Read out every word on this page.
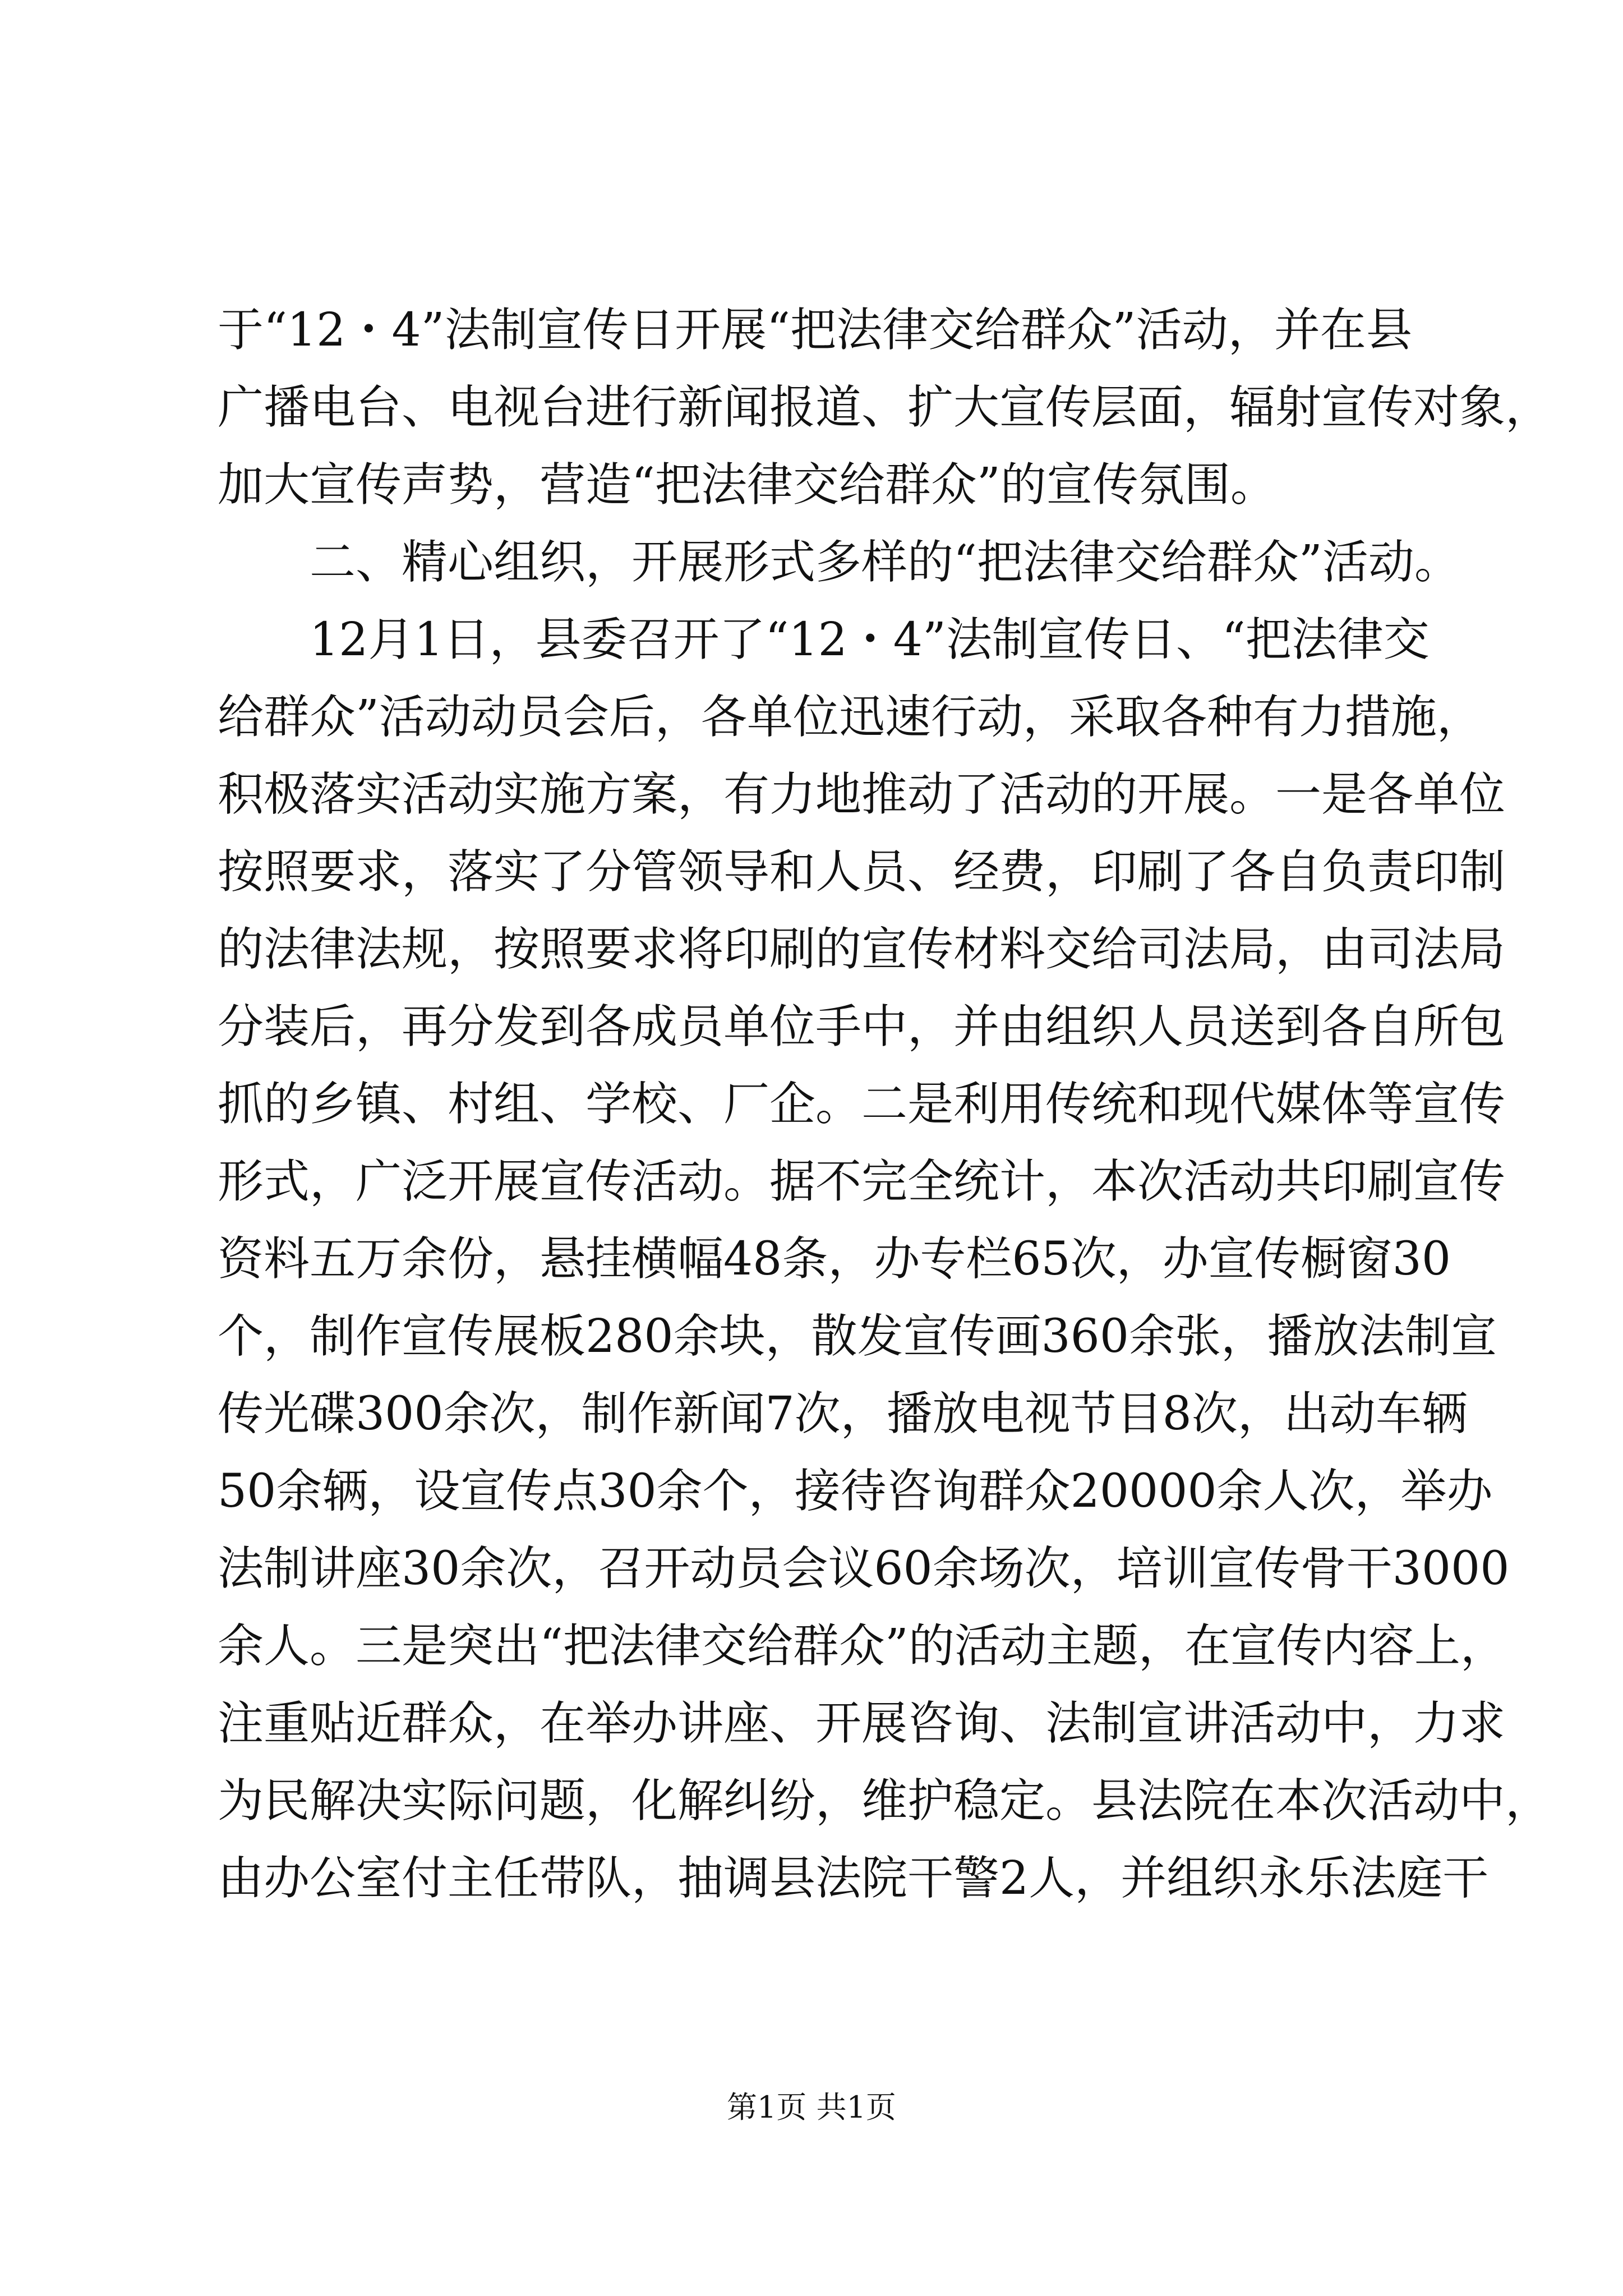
于“12・4”法制宣传日开展“把法律交给群众”活动，并在县
广播电台、电视台进行新闻报道、扩大宣传层面，辐射宣传对象，
加大宣传声势，营造“把法律交给群众”的宣传氛围。
二、精心组织，开展形式多样的“把法律交给群众”活动。
12月1日，县委召开了“12・4”法制宣传日、“把法律交
给群众”活动动员会后，各单位迅速行动，采取各种有力措施，
积极落实活动实施方案，有力地推动了活动的开展。一是各单位
按照要求，落实了分管领导和人员、经费，印刷了各自负责印制
的法律法规，按照要求将印刷的宣传材料交给司法局，由司法局
分装后，再分发到各成员单位手中，并由组织人员送到各自所包
抓的乡镇、村组、学校、厂企。二是利用传统和现代媒体等宣传
形式，广泛开展宣传活动。据不完全统计，本次活动共印刷宣传
资料五万余份，悬挂横幅48条，办专栏65次，办宣传橱窗30
个，制作宣传展板280余块，散发宣传画360余张，播放法制宣
传光碟300余次，制作新闻7次，播放电视节目8次，出动车辆
50余辆，设宣传点30余个，接待咨询群众20000余人次，举办
法制讲座30余次，召开动员会议60余场次，培训宣传骨干3000
余人。三是突出“把法律交给群众”的活动主题，在宣传内容上，
注重贴近群众，在举办讲座、开展咨询、法制宣讲活动中，力求
为民解决实际问题，化解纠纷，维护稳定。县法院在本次活动中，
由办公室付主任带队，抽调县法院干警2人，并组织永乐法庭干
第1页 共1页
